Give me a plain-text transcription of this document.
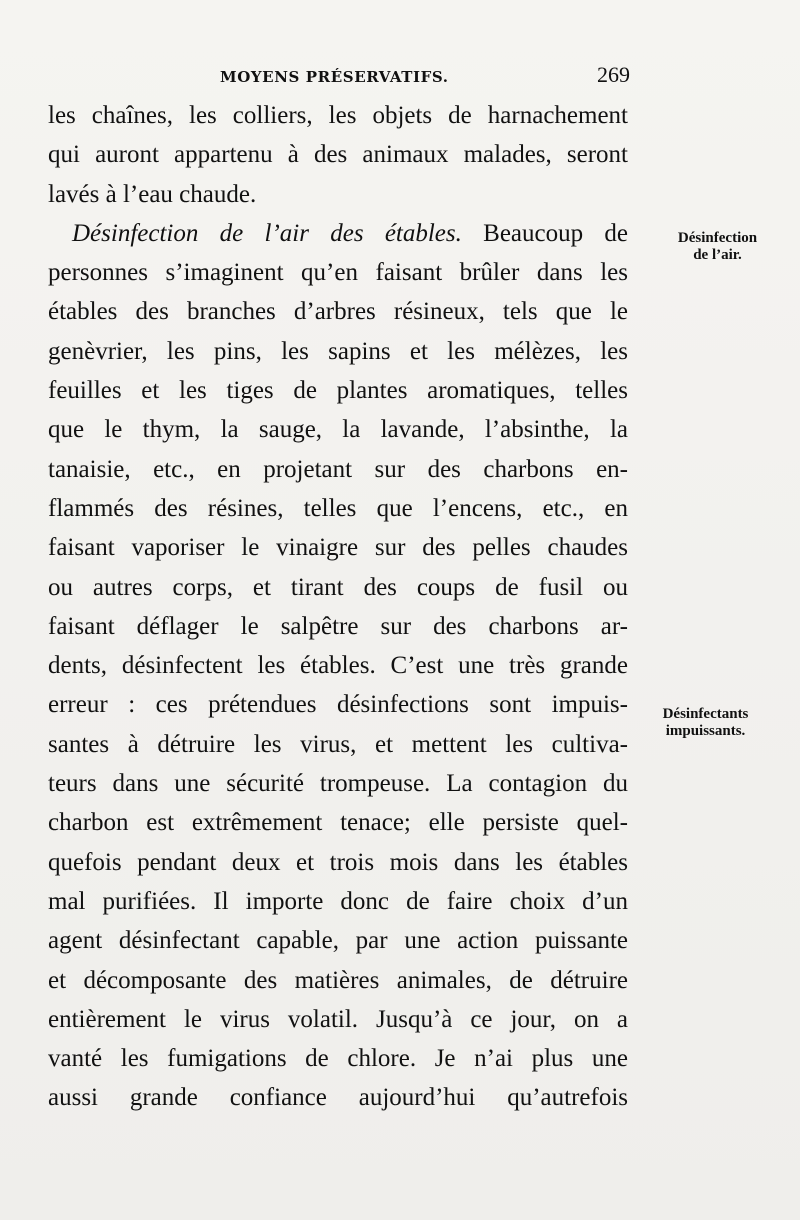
MOYENS PRÉSERVATIFS.	269
les chaînes, les colliers, les objets de harnachement
qui auront appartenu à des animaux malades, seront
lavés à l’eau chaude.
Désinfection de l’air des étables. Beaucoup de
personnes s’imaginent qu’en faisant brûler dans les
étables des branches d’arbres résineux, tels que le
genèvrier, les pins, les sapins et les mélèzes, les
feuilles et les tiges de plantes aromatiques, telles
que le thym, la sauge, la lavande, l’absinthe, la
tanaisie, etc., en projetant sur des charbons en-
flammés des résines, telles que l’encens, etc., en
faisant vaporiser le vinaigre sur des pelles chaudes
ou autres corps, et tirant des coups de fusil ou
faisant déflager le salpêtre sur des charbons ar-
dents, désinfectent les étables. C’est une très grande
erreur : ces prétendues désinfections sont impuis-
santes à détruire les virus, et mettent les cultiva-
teurs dans une sécurité trompeuse. La contagion du
charbon est extrêmement tenace; elle persiste quel-
quefois pendant deux et trois mois dans les étables
mal purifiées. Il importe donc de faire choix d’un
agent désinfectant capable, par une action puissante
et décomposante des matières animales, de détruire
entièrement le virus volatil. Jusqu’à ce jour, on a
vanté les fumigations de chlore. Je n’ai plus une
aussi grande confiance aujourd’hui qu’autrefois
Désinfection
de l’air.
Désinfectants
impuissants.
